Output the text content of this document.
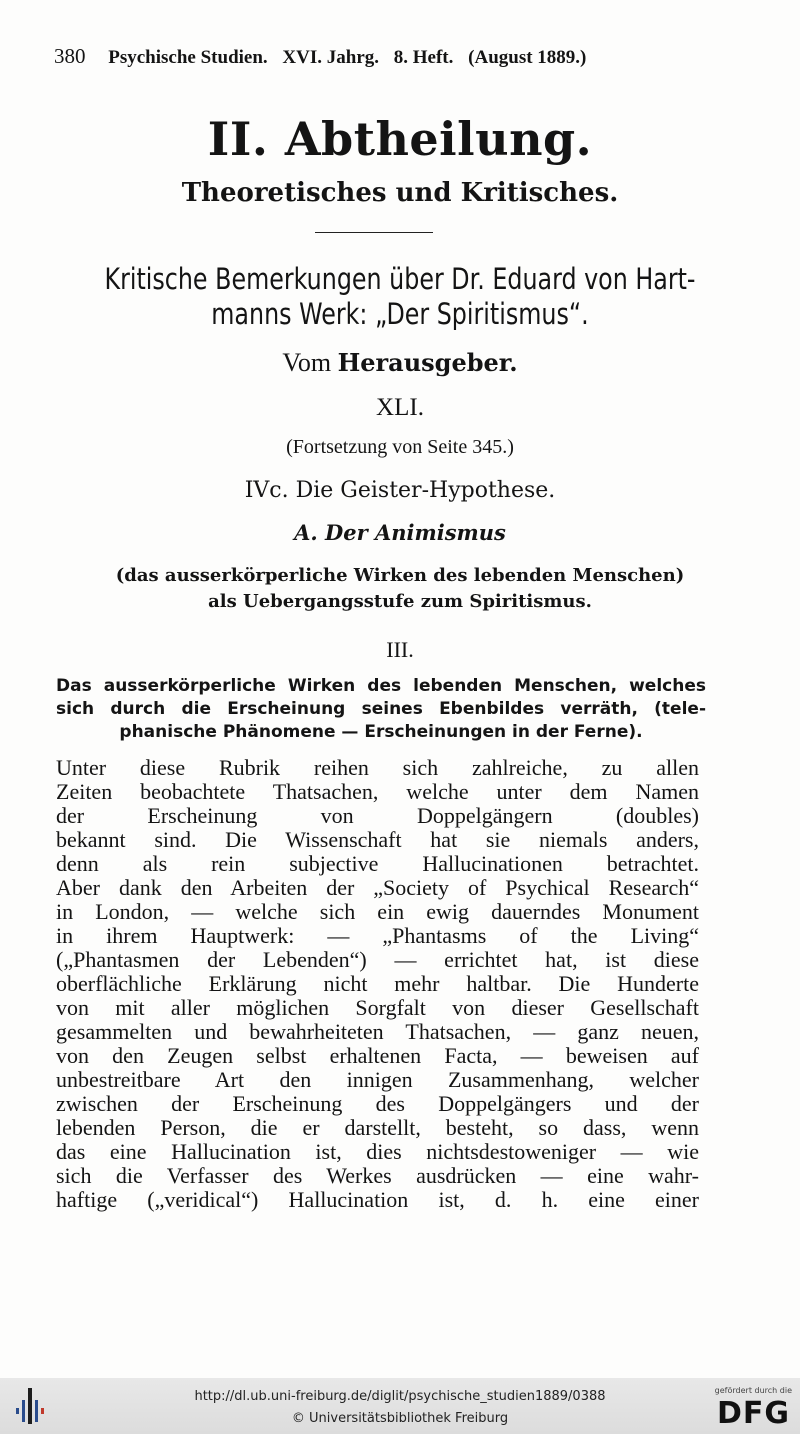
380 Psychische Studien. XVI. Jahrg. 8. Heft. (August 1889.)
II. Abtheilung.
Theoretisches und Kritisches.
Kritische Bemerkungen über Dr. Eduard von Hart-
manns Werk: „Der Spiritismus“.
Vom Herausgeber.
XLI.
(Fortsetzung von Seite 345.)
IVc. Die Geister-Hypothese.
A. Der Animismus
(das ausserkörperliche Wirken des lebenden Menschen)
als Uebergangsstufe zum Spiritismus.
III.
Das ausserkörperliche Wirken des lebenden Menschen, welches
sich durch die Erscheinung seines Ebenbildes verräth, (tele-
phanische Phänomene — Erscheinungen in der Ferne).
Unter diese Rubrik reihen sich zahlreiche, zu allen
Zeiten beobachtete Thatsachen, welche unter dem Namen
der Erscheinung von Doppelgängern (doubles)
bekannt sind. Die Wissenschaft hat sie niemals anders,
denn als rein subjective Hallucinationen betrachtet.
Aber dank den Arbeiten der „Society of Psychical Research“
in London, — welche sich ein ewig dauerndes Monument
in ihrem Hauptwerk: — „Phantasms of the Living“
(„Phantasmen der Lebenden“) — errichtet hat, ist diese
oberflächliche Erklärung nicht mehr haltbar. Die Hunderte
von mit aller möglichen Sorgfalt von dieser Gesellschaft
gesammelten und bewahrheiteten Thatsachen, — ganz neuen,
von den Zeugen selbst erhaltenen Facta, — beweisen auf
unbestreitbare Art den innigen Zusammenhang, welcher
zwischen der Erscheinung des Doppelgängers und der
lebenden Person, die er darstellt, besteht, so dass, wenn
das eine Hallucination ist, dies nichtsdestoweniger — wie
sich die Verfasser des Werkes ausdrücken — eine wahr-
haftige („veridical“) Hallucination ist, d. h. eine einer
http://dl.ub.uni-freiburg.de/diglit/psychische_studien1889/0388
© Universitätsbibliothek Freiburg
gefördert durch die
DFG
